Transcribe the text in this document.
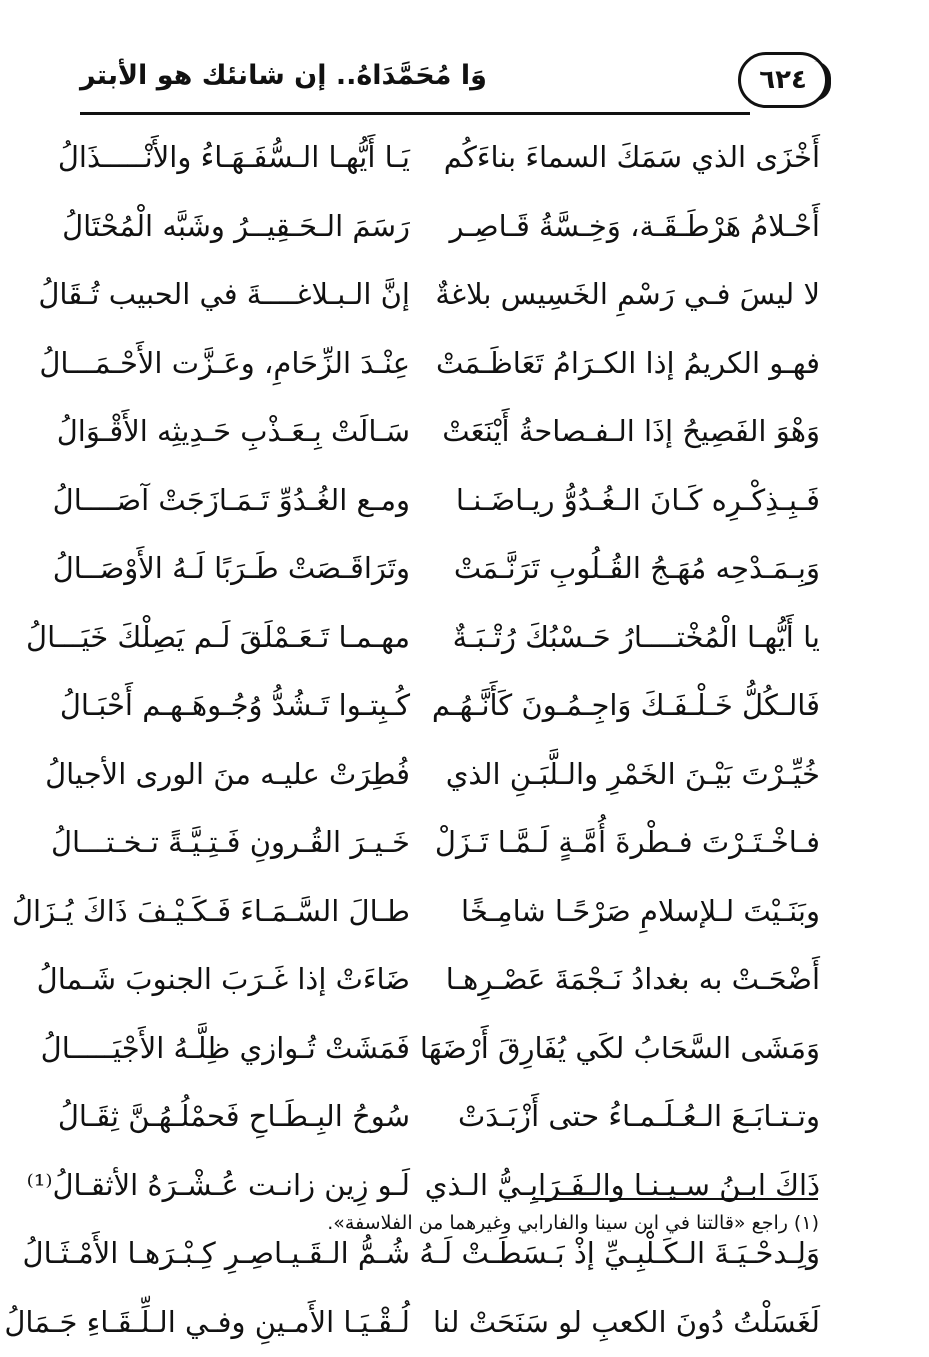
٦٢٤
وَا مُحَمَّدَاهُ.. إن شانئك هو الأبتر
أَخْزَى الذي سَمَكَ السماءَ بناءَكُم
يَـا أَيُّهـا الـسُّفَـهَـاءُ والأَنْـــــذَالُ
أَحْـلامُ هَرْطَـقَـة، وَخِـسَّةُ قَـاصِـر
رَسَمَ الـحَـقِيــرُ وشَبَّه الْمُحْتَالُ
لا ليسَ فـي رَسْمِ الخَسِيس بلاغةٌ
إنَّ الـبـلاغــــةَ في الحبيب تُـقَالُ
فهـو الكريمُ إذا الكـرَامُ تَعَاظَـمَتْ
عِنْـدَ الزِّحَامِ، وعَـزَّت الأَحْـمَـــالُ
وَهْوَ الفَصِيحُ إذَا الـفـصاحةُ أَيْنَعَتْ
سَـالَتْ بِـعَـذْبِ حَـدِيثِه الأَقْـوَالُ
فَـبِـذِكْـرِه كَـانَ الـغُـدُوُّ ريـاضَـنـا
ومـع الغُـدُوِّ تَـمَـازَجَتْ آصَــــالُ
وَبِـمَـدْحِه مُهَـجُ القُـلُوبِ تَرَنَّـمَتْ
وتَرَاقَـصَتْ طَـرَبًا لَـهُ الأَوْصَــالُ
يا أَيُّهـا الْمُخْتــــارُ حَـسْبُكَ رُتْـبَـةٌ
مهـمـا تَـعَـمْلَقَ لَـم يَصِلْكَ خَيَـــالُ
فَالـكُلُّ خَـلْـفَـكَ وَاجِـمُـونَ كَأَنَّـهُـم
كُـبِتـوا تَـشُدُّ وُجُـوهَـهـم أَحْبَـالُ
خُيِّـرْتَ بَيْـنَ الخَمْرِ والـلَّبَـنِ الذي
فُطِرَتْ عليـه منَ الورى الأجيالُ
فـاخْـتَـرْتَ فـطْرةَ أُمَّـةٍ لَـمَّـا تَـزَلْ
خَـيـرَ القُـرونِ فَـتِـيَّـةً تـخـتـــالُ
وبَنَـيْتَ لـلإسلامِ صَرْحًـا شامِـخًا
طـالَ السَّـمَـاءَ فَـكَـيْـفَ ذَاكَ يُـزَالُ
أَضْحَـتْ به بغدادُ نَـجْمَةَ عَصْـرِهـا
ضَاءَتْ إذا غَـرَبَ الجنوبَ شَـمالُ
وَمَشَى السَّحَابُ لكَي يُفَارِقَ أَرْضَهَا
فَمَشَتْ تُـوازي ظِلَّـهُ الأَجْيَـــــالُ
وتـتـابَـعَ الـعُـلَـمـاءُ حتى أَزْبَـدَتْ
سُوحُ البِـطَـاحِ فَحمْلُـهُـنَّ ثِقَـالُ
ذَاكَ ابـنُ سـيـنـا والـفَـرَابِـيُّ الـذي
لَـو زِين زانـت عُـشْـرَهُ الأثقـالُ⁽¹⁾
وَلِـدحْـيَـةَ الـكَـلْبِـيِّ إذْ بَـسَطَـتْ لَـهُ
شُـمُّ الـقَـيـاصِـرِ كِـبْـرَهـا الأَمْـثَـالُ
لَغَسَلْتُ دُونَ الكعبِ لو سَنَحَتْ لنا
لُـقْـيَـا الأَمـينِ وفـي الـلِّـقَـاءِ جَـمَالُ
(١) راجع «قالتنا في ابن سينا والفارابي وغيرهما من الفلاسفة».
